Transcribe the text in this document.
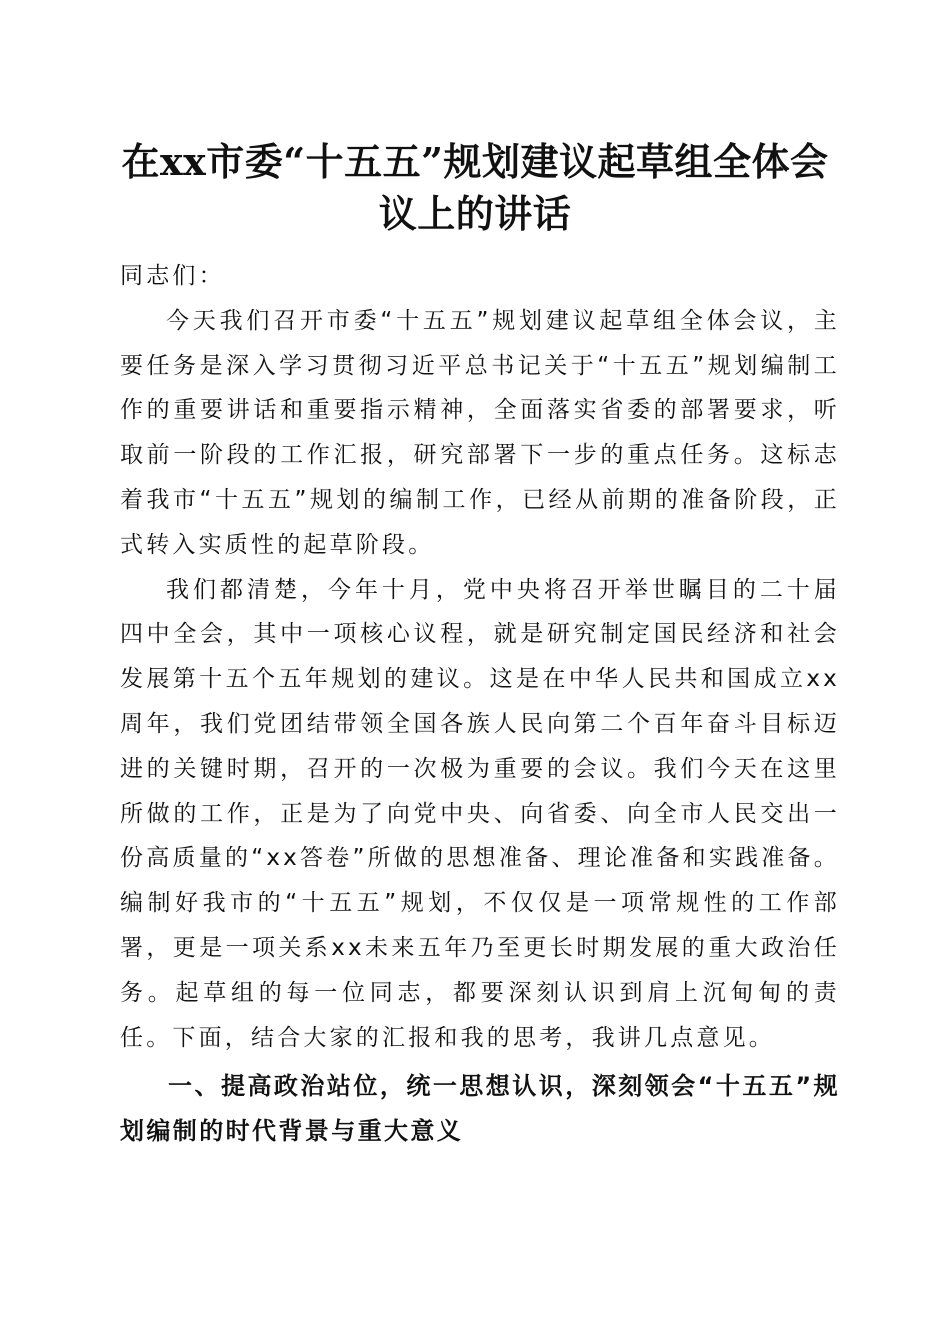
在xx市委“十五五”规划建议起草组全体会
议上的讲话

同志们：

今天我们召开市委“十五五”规划建议起草组全体会议，主要任务是深入学习贯彻习近平总书记关于“十五五”规划编制工作的重要讲话和重要指示精神，全面落实省委的部署要求，听取前一阶段的工作汇报，研究部署下一步的重点任务。这标志着我市“十五五”规划的编制工作，已经从前期的准备阶段，正式转入实质性的起草阶段。

我们都清楚，今年十月，党中央将召开举世瞩目的二十届四中全会，其中一项核心议程，就是研究制定国民经济和社会发展第十五个五年规划的建议。这是在中华人民共和国成立xx周年，我们党团结带领全国各族人民向第二个百年奋斗目标迈进的关键时期，召开的一次极为重要的会议。我们今天在这里所做的工作，正是为了向党中央、向省委、向全市人民交出一份高质量的“xx答卷”所做的思想准备、理论准备和实践准备。编制好我市的“十五五”规划，不仅仅是一项常规性的工作部署，更是一项关系xx未来五年乃至更长时期发展的重大政治任务。起草组的每一位同志，都要深刻认识到肩上沉甸甸的责任。下面，结合大家的汇报和我的思考，我讲几点意见。

一、提高政治站位，统一思想认识，深刻领会“十五五”规划编制的时代背景与重大意义
